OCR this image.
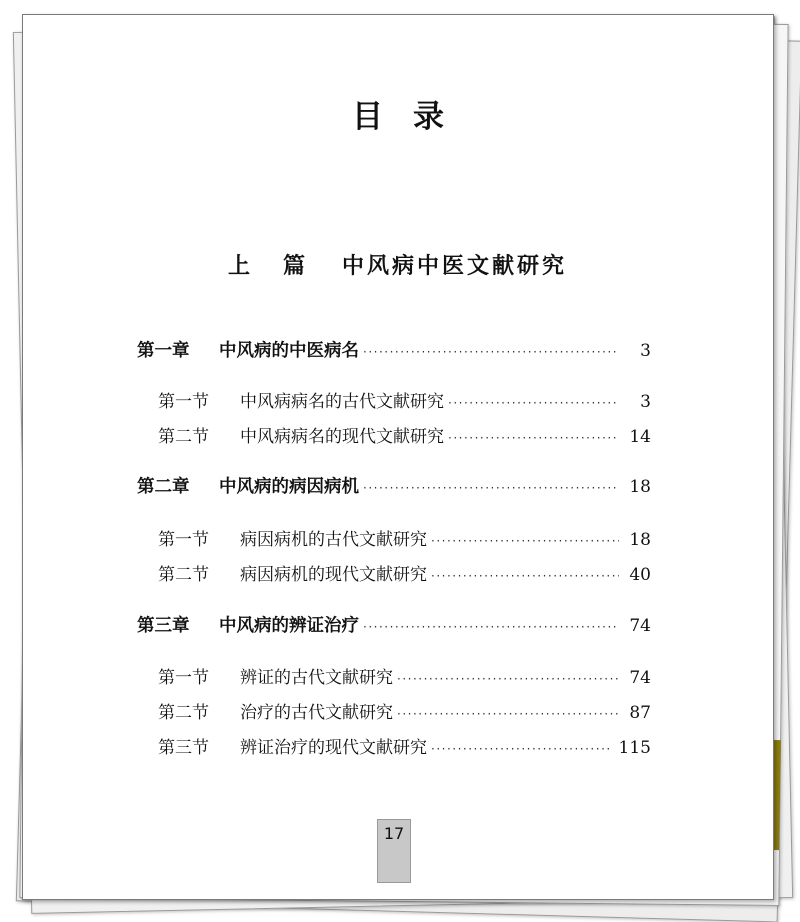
目录
上 篇 中风病中医文献研究
第一章	中风病的中医病名 ·····	3
第一节	中风病病名的古代文献研究 ·····	3
第二节	中风病病名的现代文献研究 ·····	14
第二章	中风病的病因病机 ·····	18
第一节	病因病机的古代文献研究 ·····	18
第二节	病因病机的现代文献研究 ·····	40
第三章	中风病的辨证治疗 ·····	74
第一节	辨证的古代文献研究 ·····	74
第二节	治疗的古代文献研究 ·····	87
第三节	辨证治疗的现代文献研究 ·····	115
17
